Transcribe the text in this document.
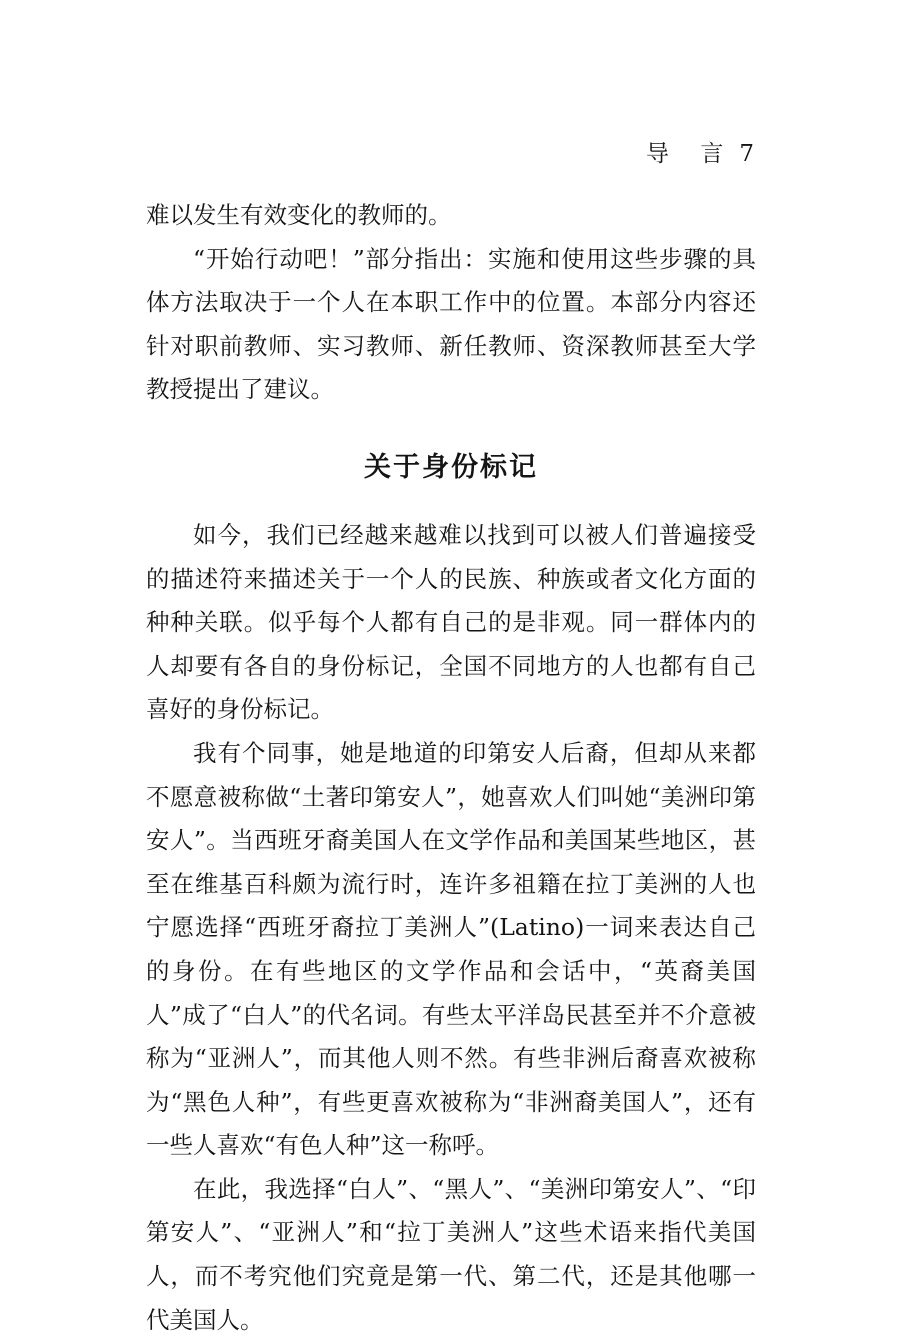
导 言 7

难以发生有效变化的教师的。

“开始行动吧！”部分指出：实施和使用这些步骤的具体方法取决于一个人在本职工作中的位置。本部分内容还针对职前教师、实习教师、新任教师、资深教师甚至大学教授提出了建议。

关于身份标记

如今，我们已经越来越难以找到可以被人们普遍接受的描述符来描述关于一个人的民族、种族或者文化方面的种种关联。似乎每个人都有自己的是非观。同一群体内的人却要有各自的身份标记，全国不同地方的人也都有自己喜好的身份标记。

我有个同事，她是地道的印第安人后裔，但却从来都不愿意被称做“土著印第安人”，她喜欢人们叫她“美洲印第安人”。当西班牙裔美国人在文学作品和美国某些地区，甚至在维基百科颇为流行时，连许多祖籍在拉丁美洲的人也宁愿选择“西班牙裔拉丁美洲人”(Latino)一词来表达自己的身份。在有些地区的文学作品和会话中，“英裔美国人”成了“白人”的代名词。有些太平洋岛民甚至并不介意被称为“亚洲人”，而其他人则不然。有些非洲后裔喜欢被称为“黑色人种”，有些更喜欢被称为“非洲裔美国人”，还有一些人喜欢“有色人种”这一称呼。

在此，我选择“白人”、“黑人”、“美洲印第安人”、“印第安人”、“亚洲人”和“拉丁美洲人”这些术语来指代美国人，而不考究他们究竟是第一代、第二代，还是其他哪一代美国人。
